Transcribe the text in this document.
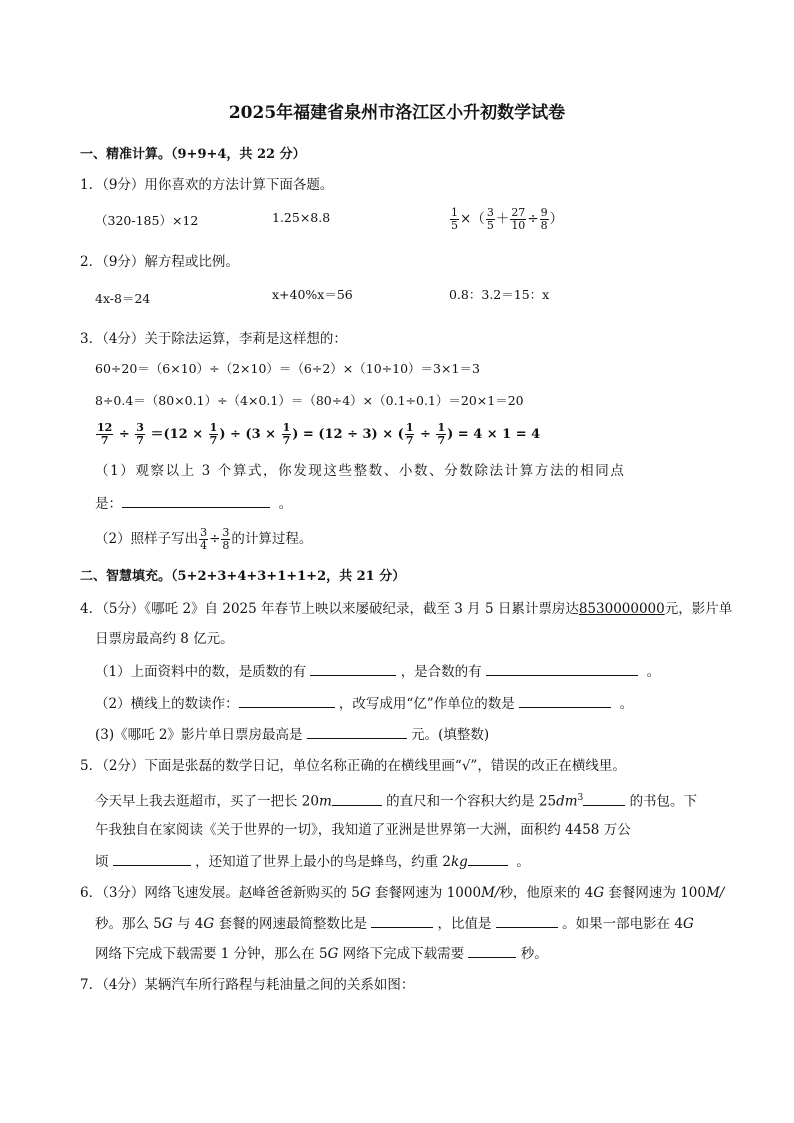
2025年福建省泉州市洛江区小升初数学试卷
一、精准计算。（9+9+4，共 22 分）
1．（9分）用你喜欢的方法计算下面各题。
（320-185）×12	1.25×8.8	$\frac{1}{5}$ ×（ $\frac{3}{5} + \frac{27}{10} \div \frac{9}{8}$ ）
2．（9分）解方程或比例。
4x-8＝24	x+40%x＝56	0.8：3.2＝15：x
3．（4分）关于除法运算，李莉是这样想的：
60÷20＝（6×10）÷（2×10）＝（6÷2）×（10÷10）＝3×1＝3
8÷0.4＝（80×0.1）÷（4×0.1）＝（80÷4）×（0.1÷0.1）＝20×1＝20
$\frac{12}{7} \div \frac{3}{7} =(12 \times \frac{1}{7}$ ) ÷ ($3 \times \frac{1}{7}$ ) = (12 ÷ 3) × ( $\frac{1}{7} \div \frac{1}{7}$ ) = 4 × 1 = 4
（1）观察以上 3 个算式，你发现这些整数、小数、分数除法计算方法的相同点
是：	。
（2）照样子写出 $\frac{3}{4} \div \frac{3}{8}$ 的计算过程。
二、智慧填充。（5+2+3+4+3+1+1+2，共 21 分）
4．（5分）《哪吒 2》自 2025 年春节上映以来屡破纪录，截至 3 月 5 日累计票房达8530000000元，影片单
日票房最高约 8 亿元。
（1）上面资料中的数，是质数的有	，是合数的有	。
（2）横线上的数读作：	，改写成用“亿”作单位的数是	。
(3)《哪吒 2》影片单日票房最高是	元。(填整数)
5．（2分）下面是张磊的数学日记，单位名称正确的在横线里画“√”，错误的改正在横线里。
今天早上我去逛超市，买了一把长 20m	的直尺和一个容积大约是 $25dm^3$	的书包。下
午我独自在家阅读《关于世界的一切》，我知道了亚洲是世界第一大洲，面积约 4458 万公
顷	，还知道了世界上最小的鸟是蜂鸟，约重 2kg	。
6．（3分）网络飞速发展。赵峰爸爸新购买的 5G 套餐网速为 1000M/秒，他原来的 4G 套餐网速为 100M/
秒。那么 5G 与 4G 套餐的网速最简整数比是	，比值是	。如果一部电影在 4G
网络下完成下载需要 1 分钟，那么在 5G 网络下完成下载需要	秒。
7．（4分）某辆汽车所行路程与耗油量之间的关系如图：
